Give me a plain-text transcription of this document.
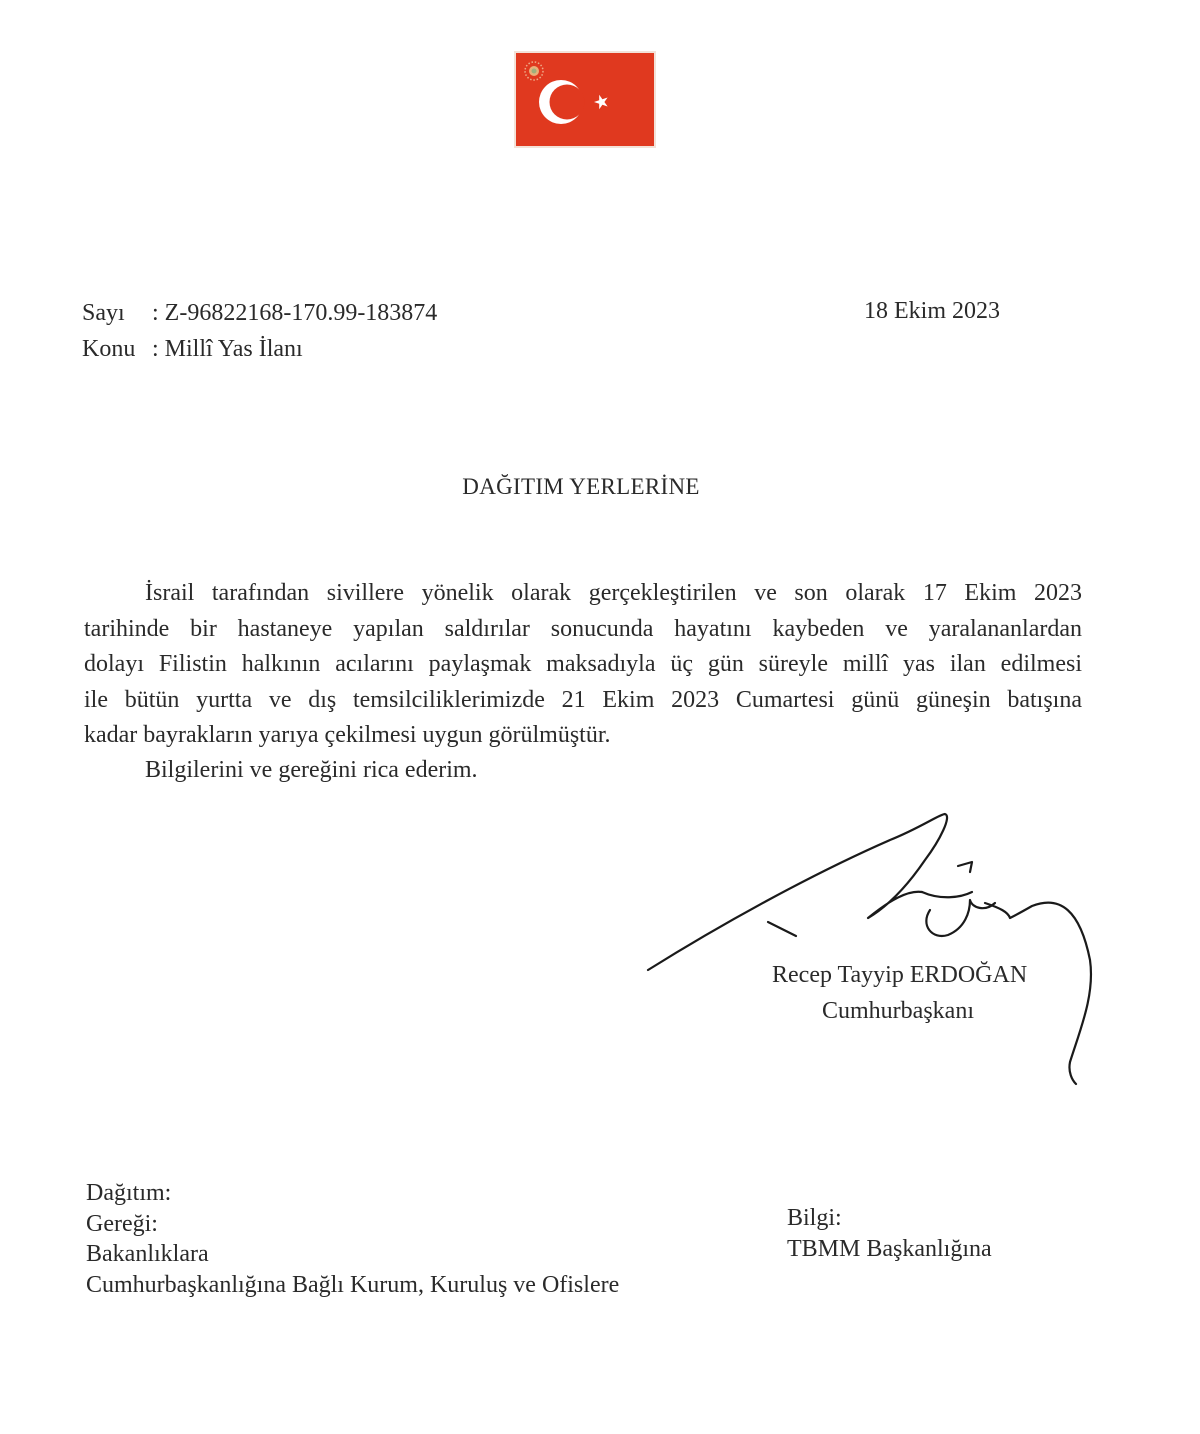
Sayı : Z-96822168-170.99-183874
Konu : Millî Yas İlanı
18 Ekim 2023
DAĞITIM YERLERİNE
İsrail tarafından sivillere yönelik olarak gerçekleştirilen ve son olarak 17 Ekim 2023
tarihinde bir hastaneye yapılan saldırılar sonucunda hayatını kaybeden ve yaralananlardan
dolayı Filistin halkının acılarını paylaşmak maksadıyla üç gün süreyle millî yas ilan edilmesi
ile bütün yurtta ve dış temsilciliklerimizde 21 Ekim 2023 Cumartesi günü güneşin batışına
kadar bayrakların yarıya çekilmesi uygun görülmüştür.
Bilgilerini ve gereğini rica ederim.
Recep Tayyip ERDOĞAN
Cumhurbaşkanı
Dağıtım:
Gereği:
Bakanlıklara
Cumhurbaşkanlığına Bağlı Kurum, Kuruluş ve Ofislere
Bilgi:
TBMM Başkanlığına
